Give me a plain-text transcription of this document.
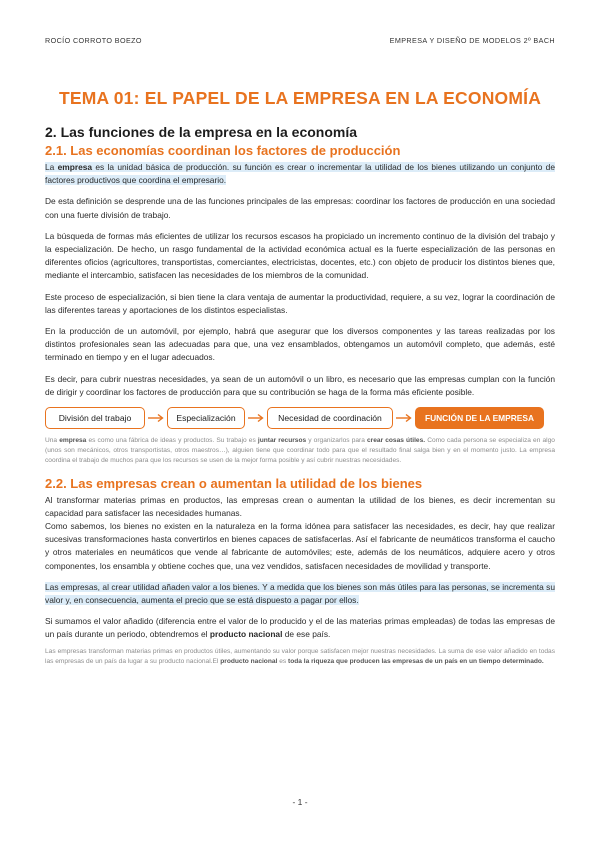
ROCÍO CORROTO BOEZO	EMPRESA Y DISEÑO DE MODELOS 2º BACH
TEMA 01: EL PAPEL DE LA EMPRESA EN LA ECONOMÍA
2. Las funciones de la empresa en la economía
2.1. Las economías coordinan los factores de producción

La empresa es la unidad básica de producción. su función es crear o incrementar la utilidad de los bienes utilizando un conjunto de factores productivos que coordina el empresario.

De esta definición se desprende una de las funciones principales de las empresas: coordinar los factores de producción en una sociedad con una fuerte división de trabajo.

La búsqueda de formas más eficientes de utilizar los recursos escasos ha propiciado un incremento continuo de la división del trabajo y la especialización. De hecho, un rasgo fundamental de la actividad económica actual es la fuerte especialización de las personas en diferentes oficios (agricultores, transportistas, comerciantes, electricistas, docentes, etc.) con objeto de producir los distintos bienes que, mediante el intercambio, satisfacen las necesidades de los miembros de la comunidad.

Este proceso de especialización, si bien tiene la clara ventaja de aumentar la productividad, requiere, a su vez, lograr la coordinación de las diferentes tareas y aportaciones de los distintos especialistas.

En la producción de un automóvil, por ejemplo, habrá que asegurar que los diversos componentes y las tareas realizadas por los distintos profesionales sean las adecuadas para que, una vez ensamblados, obtengamos un automóvil completo, que además, esté terminado en tiempo y en el lugar adecuados.

Es decir, para cubrir nuestras necesidades, ya sean de un automóvil o un libro, es necesario que las empresas cumplan con la función de dirigir y coordinar los factores de producción para que su contribución se haga de la forma más eficiente posible.

División del trabajo	Especialización	Necesidad de coordinación	FUNCIÓN DE LA EMPRESA

Una empresa es como una fábrica de ideas y productos. Su trabajo es juntar recursos y organizarlos para crear cosas útiles. Como cada persona se especializa en algo (unos son mecánicos, otros transportistas, otros maestros…), alguien tiene que coordinar todo para que el resultado final salga bien y en el momento justo. La empresa coordina el trabajo de muchos para que los recursos se usen de la mejor forma posible y así cubrir nuestras necesidades.

2.2. Las empresas crean o aumentan la utilidad de los bienes

Al transformar materias primas en productos, las empresas crean o aumentan la utilidad de los bienes, es decir incrementan su capacidad para satisfacer las necesidades humanas.

Como sabemos, los bienes no existen en la naturaleza en la forma idónea para satisfacer las necesidades, es decir, hay que realizar sucesivas transformaciones hasta convertirlos en bienes capaces de satisfacerlas. Así el fabricante de neumáticos transforma el caucho y otros materiales en neumáticos que vende al fabricante de automóviles; este, además de los neumáticos, adquiere acero y otros componentes, los ensambla y obtiene coches que, una vez vendidos, satisfacen necesidades de movilidad y transporte.

Las empresas, al crear utilidad añaden valor a los bienes. Y a medida que los bienes son más útiles para las personas, se incrementa su valor y, en consecuencia, aumenta el precio que se está dispuesto a pagar por ellos.

Si sumamos el valor añadido (diferencia entre el valor de lo producido y el de las materias primas empleadas) de todas las empresas de un país durante un periodo, obtendremos el producto nacional de ese país.

Las empresas transforman materias primas en productos útiles, aumentando su valor porque satisfacen mejor nuestras necesidades. La suma de ese valor añadido en todas las empresas de un país da lugar a su producto nacional.El producto nacional es toda la riqueza que producen las empresas de un país en un tiempo determinado.

- 1 -
